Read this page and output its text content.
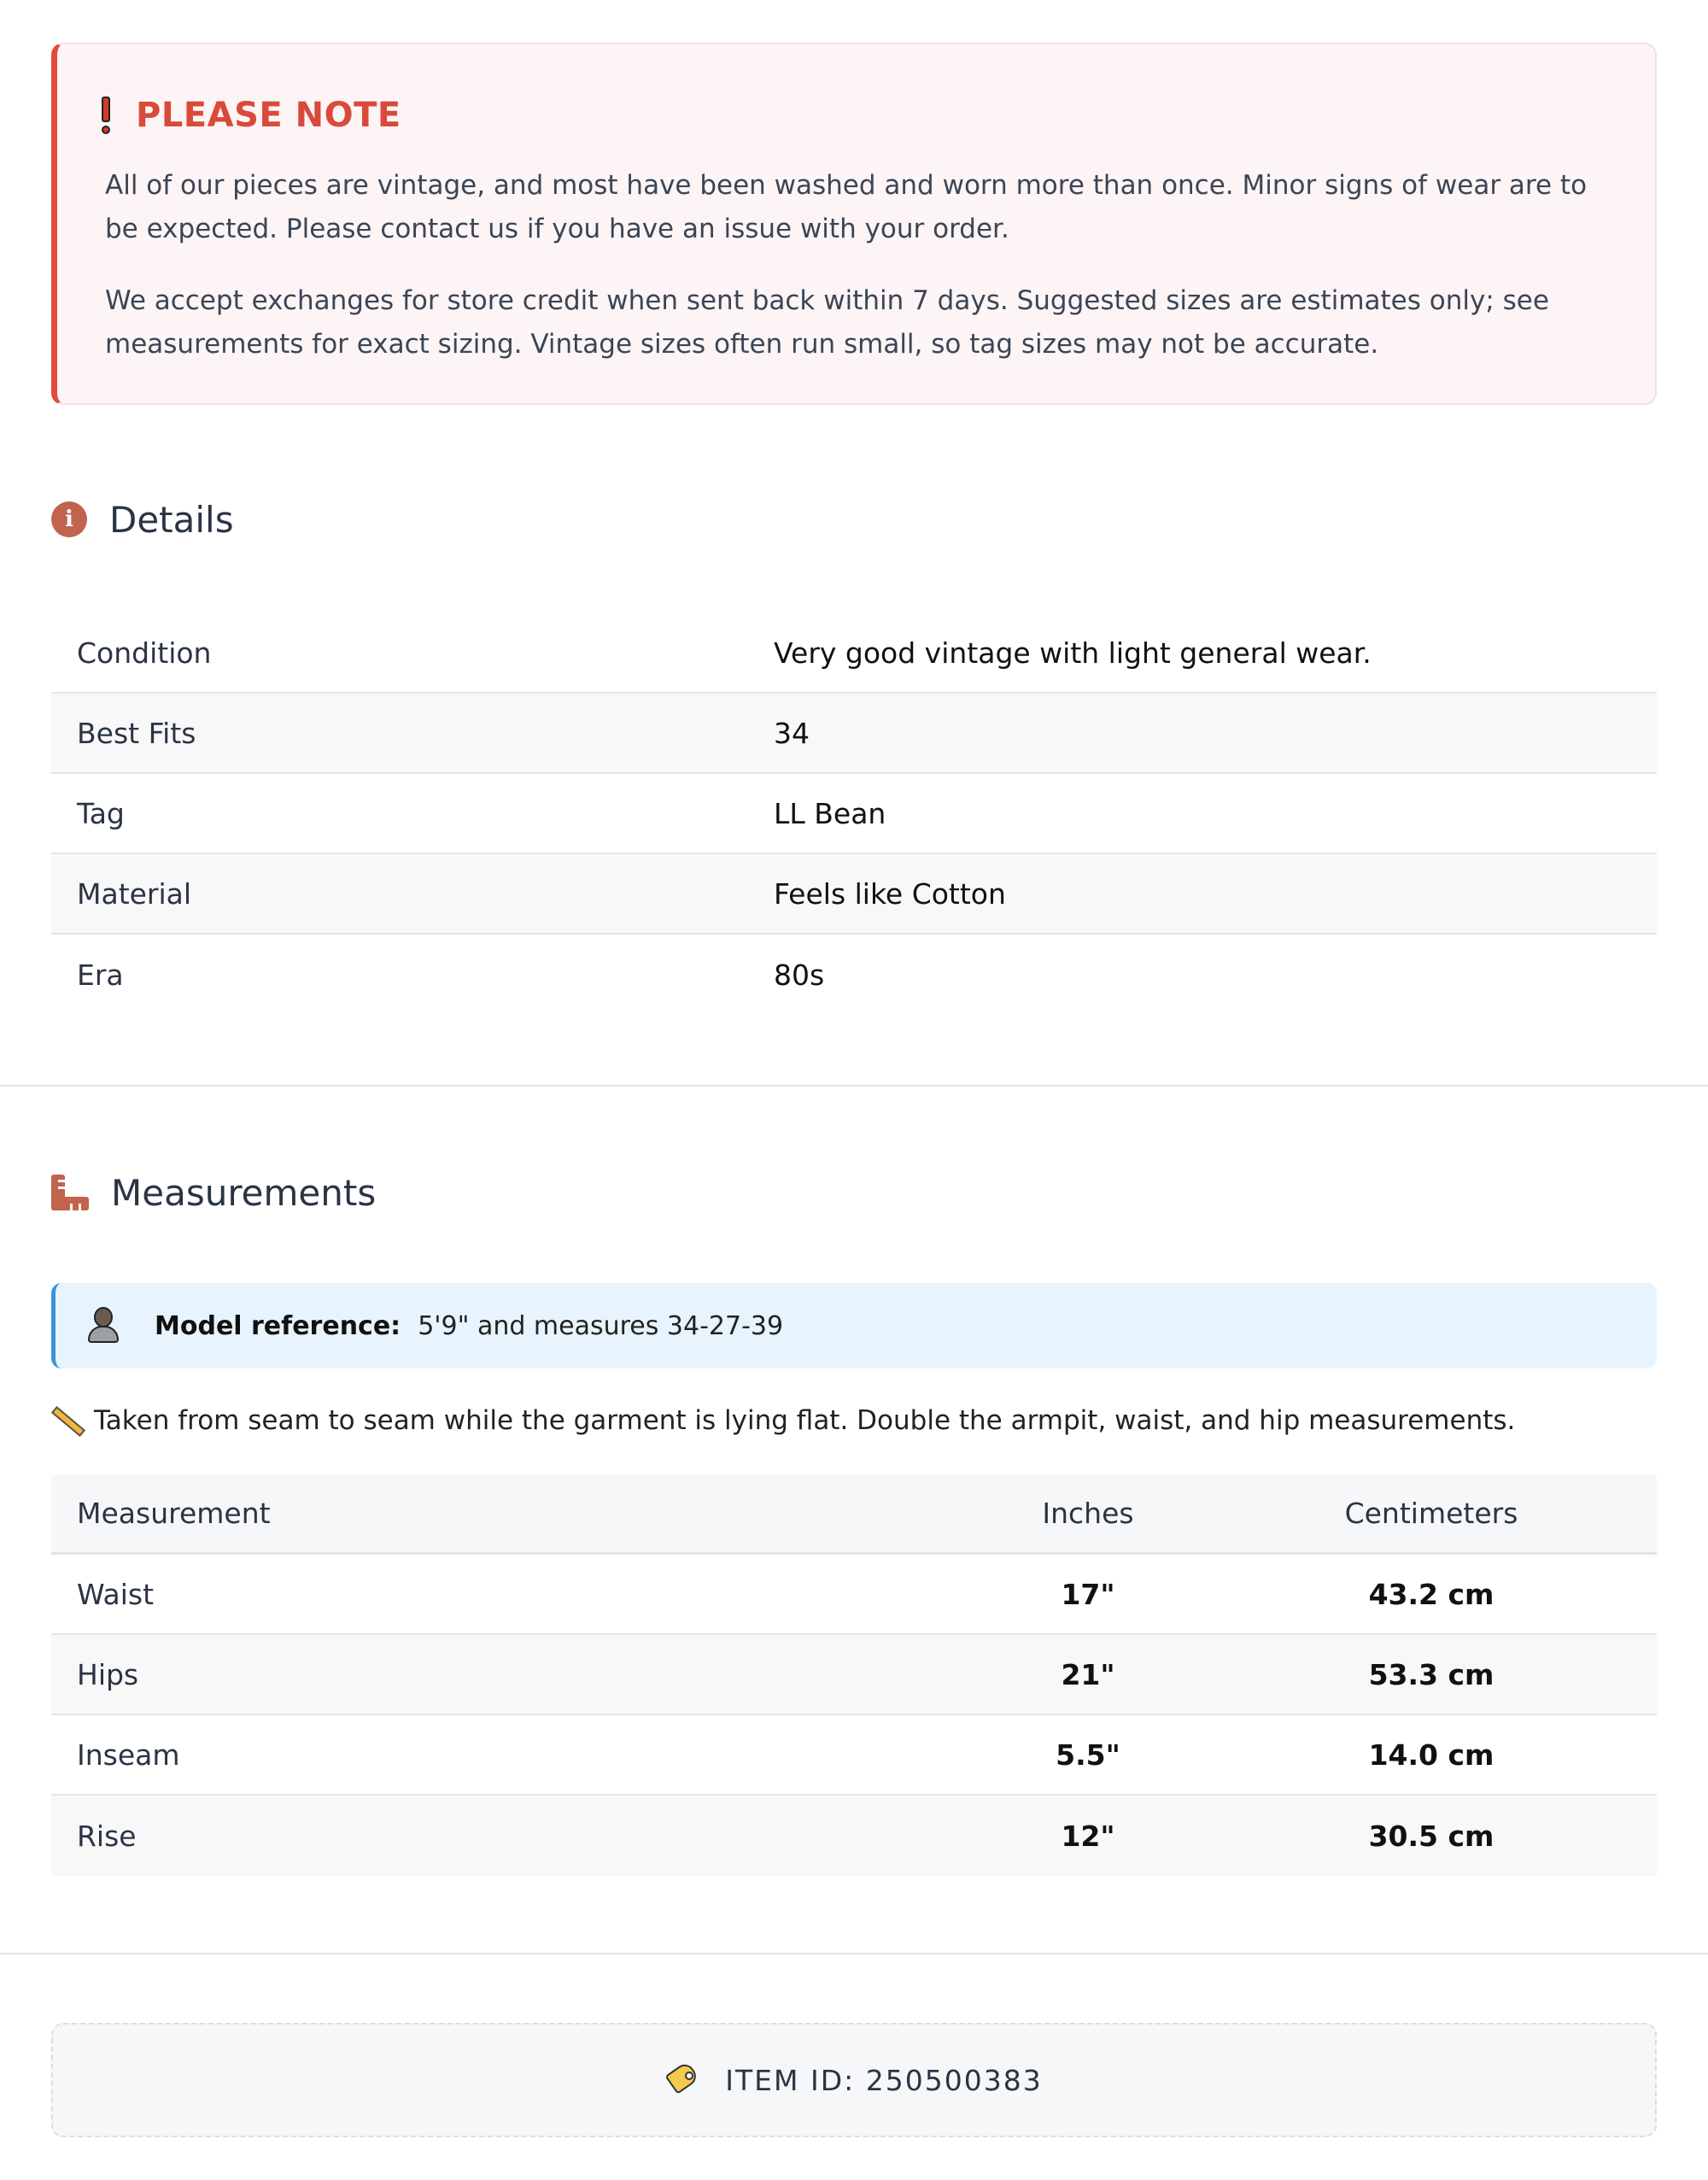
PLEASE NOTE

All of our pieces are vintage, and most have been washed and worn more than once. Minor signs of wear are to be expected. Please contact us if you have an issue with your order.

We accept exchanges for store credit when sent back within 7 days. Suggested sizes are estimates only; see measurements for exact sizing. Vintage sizes often run small, so tag sizes may not be accurate.

i	Details
Condition	Very good vintage with light general wear.
Best Fits	34
Tag	LL Bean
Material	Feels like Cotton
Era	80s
Measurements
Model reference: 5'9" and measures 34-27-39
Taken from seam to seam while the garment is lying flat. Double the armpit, waist, and hip measurements.
Measurement	Inches	Centimeters
Waist	17"	43.2 cm
Hips	21"	53.3 cm
Inseam	5.5"	14.0 cm
Rise	12"	30.5 cm
ITEM ID: 250500383
